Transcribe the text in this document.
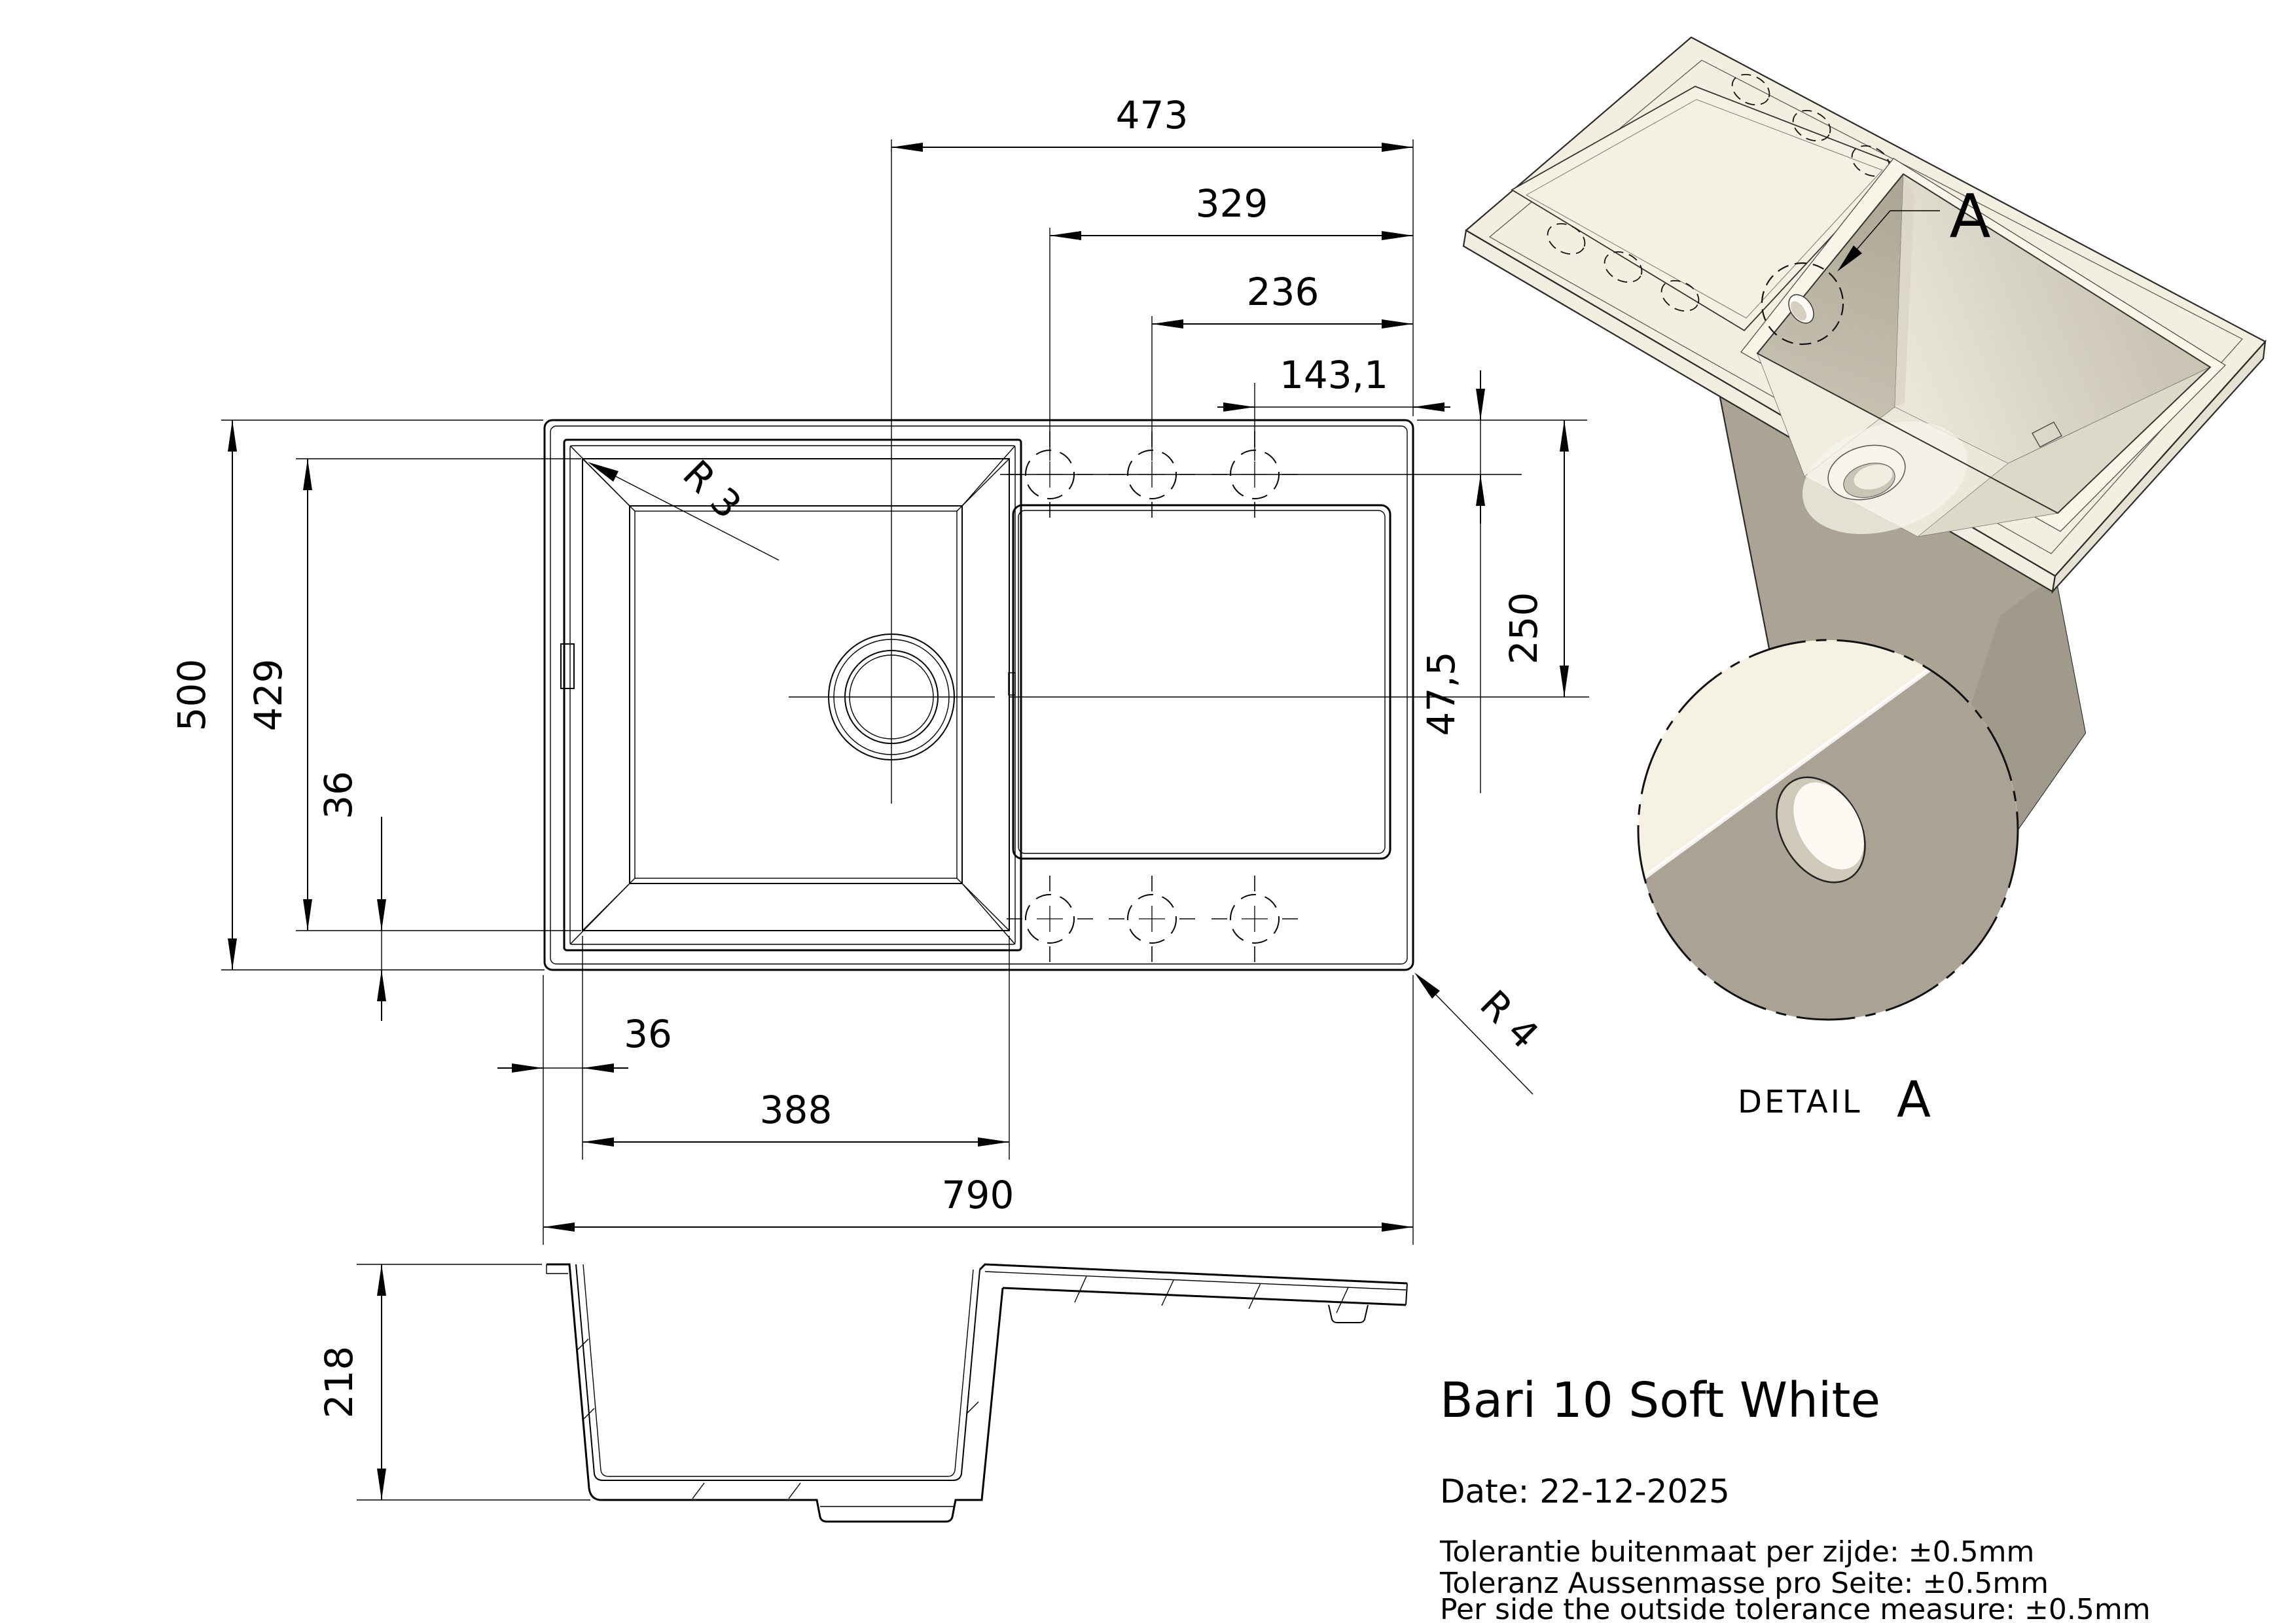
473
329
236
143,1
500 429
36
47,5
250
36
388
790
R 3
R 4
218
A
DETAIL A
Bari 10 Soft White
Date: 22-12-2025
Tolerantie buitenmaat per zijde: ±0.5mm
Toleranz Aussenmasse pro Seite: ±0.5mm
Per side the outside tolerance measure: ±0.5mm
